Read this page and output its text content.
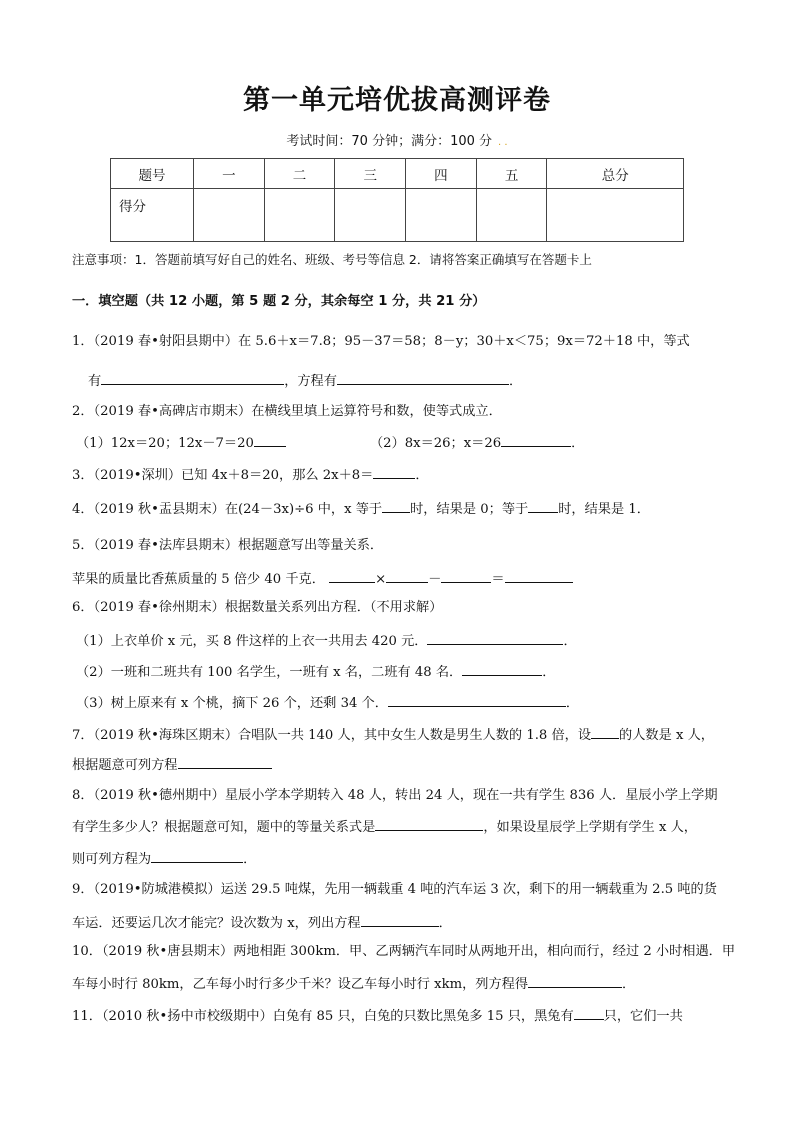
第一单元培优拔高测评卷
考试时间：70 分钟；满分：100 分 . .
题号	一	二	三	四	五	总分
得分						
注意事项：1．答题前填写好自己的姓名、班级、考号等信息 2．请将答案正确填写在答题卡上
一．填空题（共 12 小题，第 5 题 2 分，其余每空 1 分，共 21 分）
1．（2019 春•射阳县期中）在 5.6＋x＝7.8；95－37＝58；8－y；30＋x＜75；9x＝72＋18 中，等式
有	，方程有	．
2．（2019 春•高碑店市期末）在横线里填上运算符号和数，使等式成立．
（1）12x＝20；12x－7＝20	（2）8x＝26；x＝26	．
3．（2019•深圳）已知 4x＋8＝20，那么 2x＋8＝	．
4．（2019 秋•盂县期末）在(24－3x)÷6 中，x 等于 时，结果是 0；等于 时，结果是 1．
5．（2019 春•法库县期末）根据题意写出等量关系．
苹果的质量比香蕉质量的 5 倍少 40 千克．	×	－	＝
6．（2019 春•徐州期末）根据数量关系列出方程．（不用求解）
（1）上衣单价 x 元，买 8 件这样的上衣一共用去 420 元．	．
（2）一班和二班共有 100 名学生，一班有 x 名，二班有 48 名．	．
（3）树上原来有 x 个桃，摘下 26 个，还剩 34 个．	．
7．（2019 秋•海珠区期末）合唱队一共 140 人，其中女生人数是男生人数的 1.8 倍，设 的人数是 x 人，
根据题意可列方程
8．（2019 秋•德州期中）星辰小学本学期转入 48 人，转出 24 人，现在一共有学生 836 人．星辰小学上学期
有学生多少人？根据题意可知，题中的等量关系式是	，如果设星辰学上学期有学生 x 人，
则可列方程为	．
9．（2019•防城港模拟）运送 29.5 吨煤，先用一辆载重 4 吨的汽车运 3 次，剩下的用一辆载重为 2.5 吨的货
车运．还要运几次才能完？设次数为 x，列出方程	．
10．（2019 秋•唐县期末）两地相距 300km．甲、乙两辆汽车同时从两地开出，相向而行，经过 2 小时相遇．甲
车每小时行 80km，乙车每小时行多少千米？设乙车每小时行 xkm，列方程得	．
11．（2010 秋•扬中市校级期中）白兔有 85 只，白兔的只数比黑兔多 15 只，黑兔有 只，它们一共
